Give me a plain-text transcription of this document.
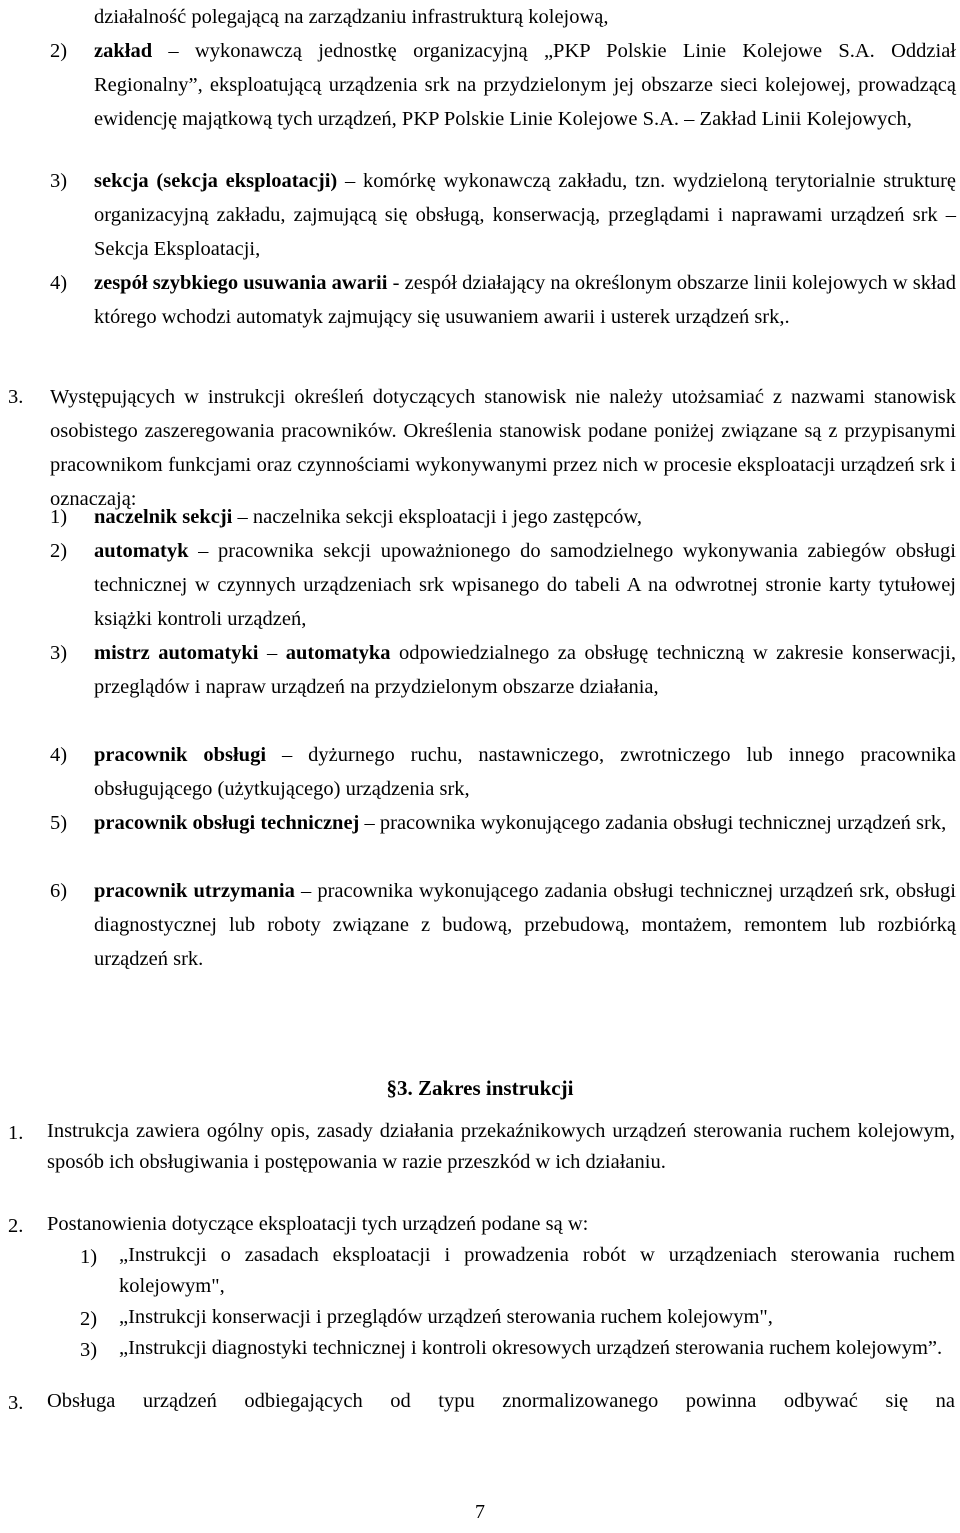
działalność polegającą na zarządzaniu infrastrukturą kolejową,
2) zakład – wykonawczą jednostkę organizacyjną „PKP Polskie Linie Kolejowe S.A. Oddział Regionalny”, eksploatującą urządzenia srk na przydzielonym jej obszarze sieci kolejowej, prowadzącą ewidencję majątkową tych urządzeń, PKP Polskie Linie Kolejowe S.A. – Zakład Linii Kolejowych,
3) sekcja (sekcja eksploatacji) – komórkę wykonawczą zakładu, tzn. wydzieloną terytorialnie strukturę organizacyjną zakładu, zajmującą się obsługą, konserwacją, przeglądami i naprawami urządzeń srk – Sekcja Eksploatacji,
4) zespół szybkiego usuwania awarii - zespół działający na określonym obszarze linii kolejowych w skład którego wchodzi automatyk zajmujący się usuwaniem awarii i usterek urządzeń srk,.
3. Występujących w instrukcji określeń dotyczących stanowisk nie należy utożsamiać z nazwami stanowisk osobistego zaszeregowania pracowników. Określenia stanowisk podane poniżej związane są z przypisanymi pracownikom funkcjami oraz czynnościami wykonywanymi przez nich w procesie eksploatacji urządzeń srk i oznaczają:
1) naczelnik sekcji – naczelnika sekcji eksploatacji i jego zastępców,
2) automatyk – pracownika sekcji upoważnionego do samodzielnego wykonywania zabiegów obsługi technicznej w czynnych urządzeniach srk wpisanego do tabeli A na odwrotnej stronie karty tytułowej książki kontroli urządzeń,
3) mistrz automatyki – automatyka odpowiedzialnego za obsługę techniczną w zakresie konserwacji, przeglądów i napraw urządzeń na przydzielonym obszarze działania,
4) pracownik obsługi – dyżurnego ruchu, nastawniczego, zwrotniczego lub innego pracownika obsługującego (użytkującego) urządzenia srk,
5) pracownik obsługi technicznej – pracownika wykonującego zadania obsługi technicznej urządzeń srk,
6) pracownik utrzymania – pracownika wykonującego zadania obsługi technicznej urządzeń srk, obsługi diagnostycznej lub roboty związane z budową, przebudową, montażem, remontem lub rozbiórką urządzeń srk.
§3. Zakres instrukcji
1. Instrukcja zawiera ogólny opis, zasady działania przekaźnikowych urządzeń sterowania ruchem kolejowym, sposób ich obsługiwania i postępowania w razie przeszkód w ich działaniu.
2. Postanowienia dotyczące eksploatacji tych urządzeń podane są w:
1) „Instrukcji o zasadach eksploatacji i prowadzenia robót w urządzeniach sterowania ruchem kolejowym",
2) „Instrukcji konserwacji i przeglądów urządzeń sterowania ruchem kolejowym",
3) „Instrukcji diagnostyki technicznej i kontroli okresowych urządzeń sterowania ruchem kolejowym”.
3. Obsługa urządzeń odbiegających od typu znormalizowanego powinna odbywać się na
7
